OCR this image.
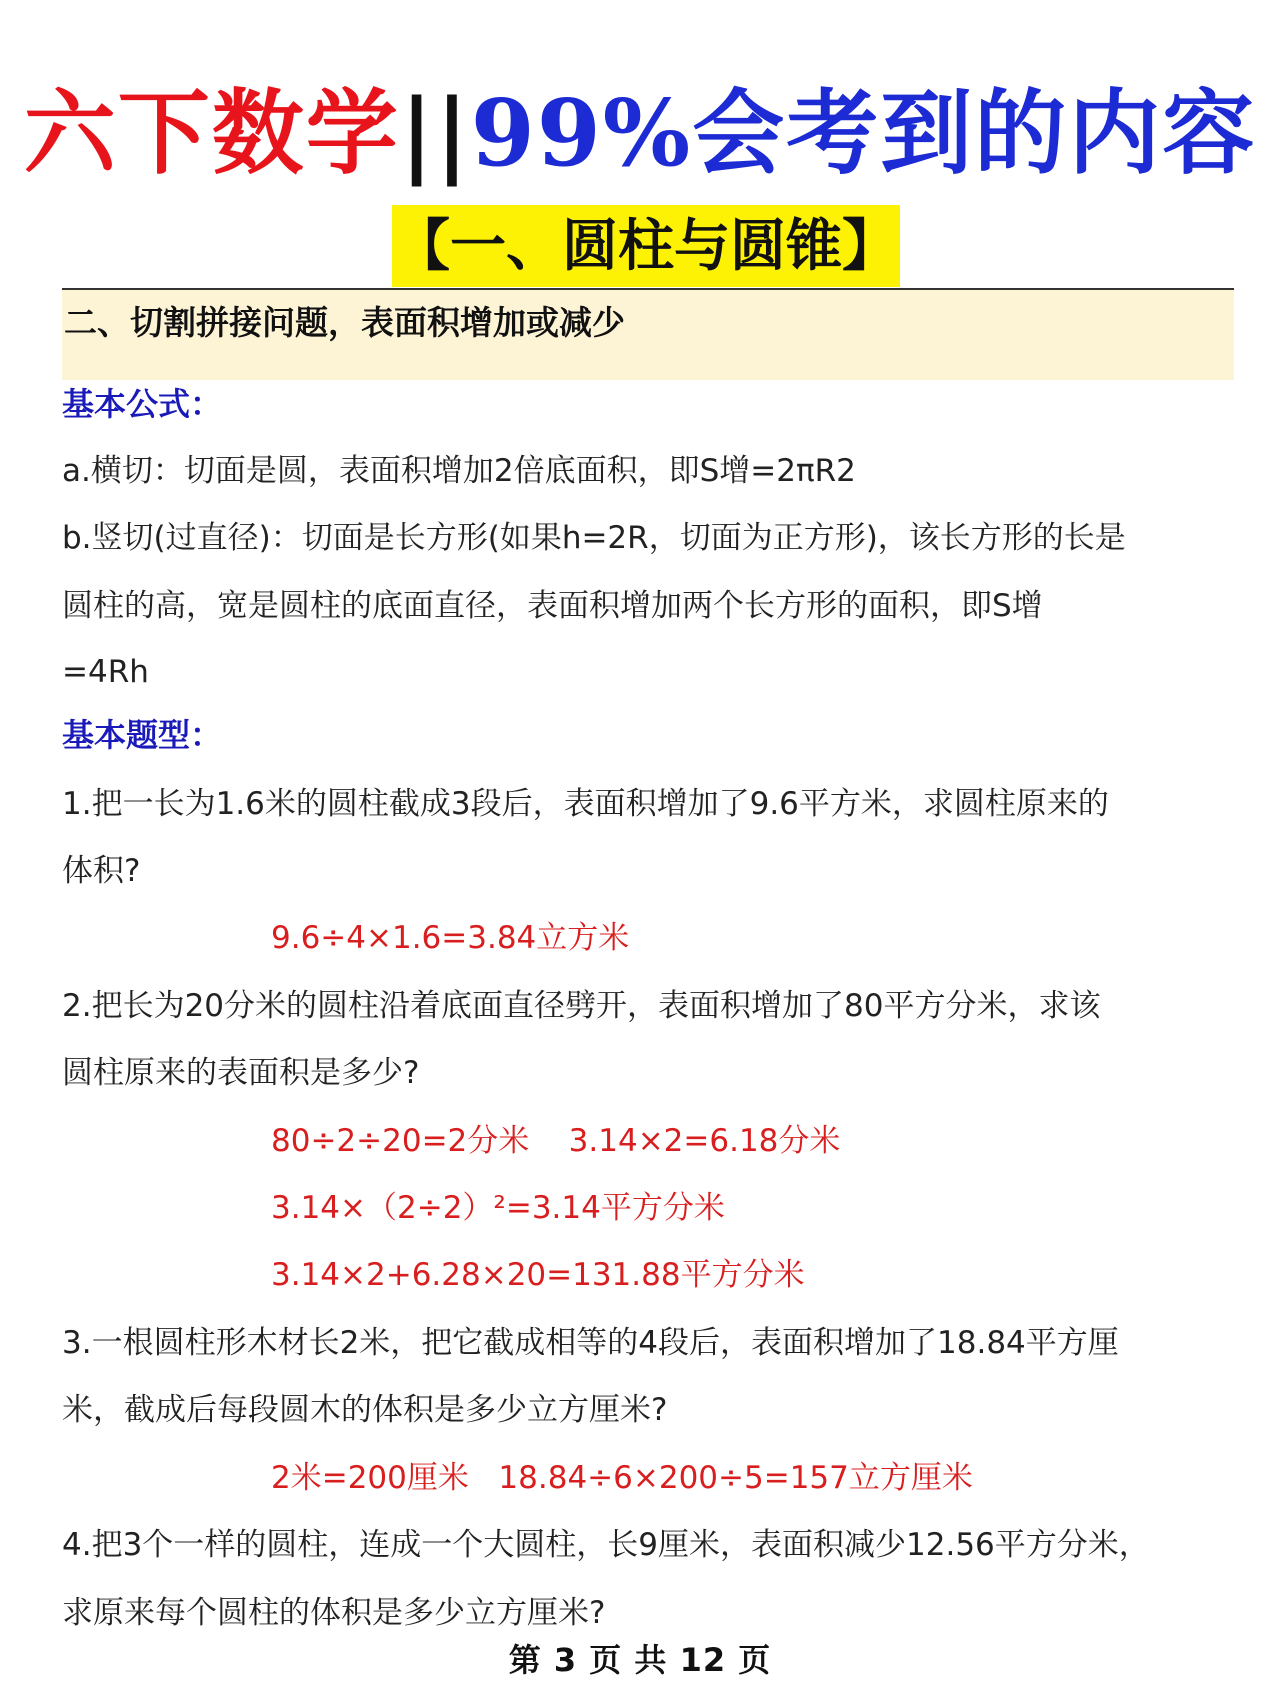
六下数学||99%会考到的内容
【一、圆柱与圆锥】
二、切割拼接问题，表面积增加或减少
基本公式：
a.横切：切面是圆，表面积增加2倍底面积，即S增=2πR2
b.竖切(过直径)：切面是长方形(如果h=2R，切面为正方形)，该长方形的长是
圆柱的高，宽是圆柱的底面直径，表面积增加两个长方形的面积，即S增
=4Rh
基本题型：
1.把一长为1.6米的圆柱截成3段后，表面积增加了9.6平方米，求圆柱原来的
体积?
9.6÷4×1.6=3.84立方米
2.把长为20分米的圆柱沿着底面直径劈开，表面积增加了80平方分米，求该
圆柱原来的表面积是多少?
80÷2÷20=2分米    3.14×2=6.18分米
3.14×（2÷2）²=3.14平方分米
3.14×2+6.28×20=131.88平方分米
3.一根圆柱形木材长2米，把它截成相等的4段后，表面积增加了18.84平方厘
米，截成后每段圆木的体积是多少立方厘米?
2米=200厘米   18.84÷6×200÷5=157立方厘米
4.把3个一样的圆柱，连成一个大圆柱，长9厘米，表面积减少12.56平方分米，
求原来每个圆柱的体积是多少立方厘米?
第 3 页 共 12 页
